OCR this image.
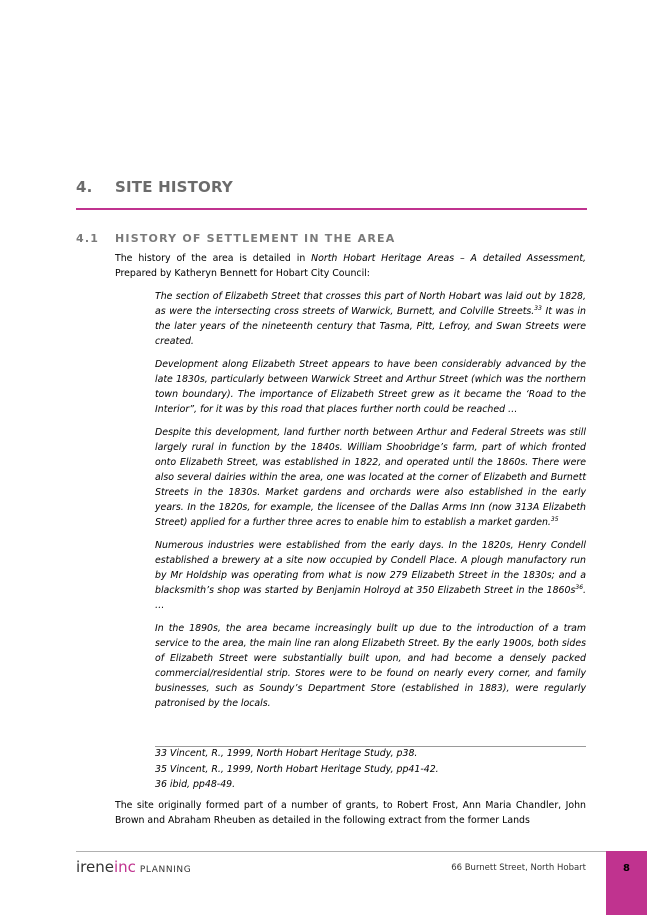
4. SITE HISTORY
4.1 HISTORY OF SETTLEMENT IN THE AREA
The history of the area is detailed in North Hobart Heritage Areas – A detailed Assessment, Prepared by Katheryn Bennett for Hobart City Council:

The section of Elizabeth Street that crosses this part of North Hobart was laid out by 1828, as were the intersecting cross streets of Warwick, Burnett, and Colville Streets.$^{33}$ It was in the later years of the nineteenth century that Tasma, Pitt, Lefroy, and Swan Streets were created.

Development along Elizabeth Street appears to have been considerably advanced by the late 1830s, particularly between Warwick Street and Arthur Street (which was the northern town boundary). The importance of Elizabeth Street grew as it became the ‘Road to the Interior”, for it was by this road that places further north could be reached …

Despite this development, land further north between Arthur and Federal Streets was still largely rural in function by the 1840s. William Shoobridge’s farm, part of which fronted onto Elizabeth Street, was established in 1822, and operated until the 1860s. There were also several dairies within the area, one was located at the corner of Elizabeth and Burnett Streets in the 1830s. Market gardens and orchards were also established in the early years. In the 1820s, for example, the licensee of the Dallas Arms Inn (now 313A Elizabeth Street) applied for a further three acres to enable him to establish a market garden.$^{35}$

Numerous industries were established from the early days. In the 1820s, Henry Condell established a brewery at a site now occupied by Condell Place. A plough manufactory run by Mr Holdship was operating from what is now 279 Elizabeth Street in the 1830s; and a blacksmith’s shop was started by Benjamin Holroyd at 350 Elizabeth Street in the $1860s^{36}$. …

In the 1890s, the area became increasingly built up due to the introduction of a tram service to the area, the main line ran along Elizabeth Street. By the early 1900s, both sides of Elizabeth Street were substantially built upon, and had become a densely packed commercial/residential strip. Stores were to be found on nearly every corner, and family businesses, such as Soundy’s Department Store (established in 1883), were regularly patronised by the locals.

33 Vincent, R., 1999, North Hobart Heritage Study, p38.
35 Vincent, R., 1999, North Hobart Heritage Study, pp41-42.
36 ibid, pp48-49.
The site originally formed part of a number of grants, to Robert Frost, Ann Maria Chandler, John Brown and Abraham Rheuben as detailed in the following extract from the former Lands
ireneinc PLANNING	66 Burnett Street, North Hobart	8
